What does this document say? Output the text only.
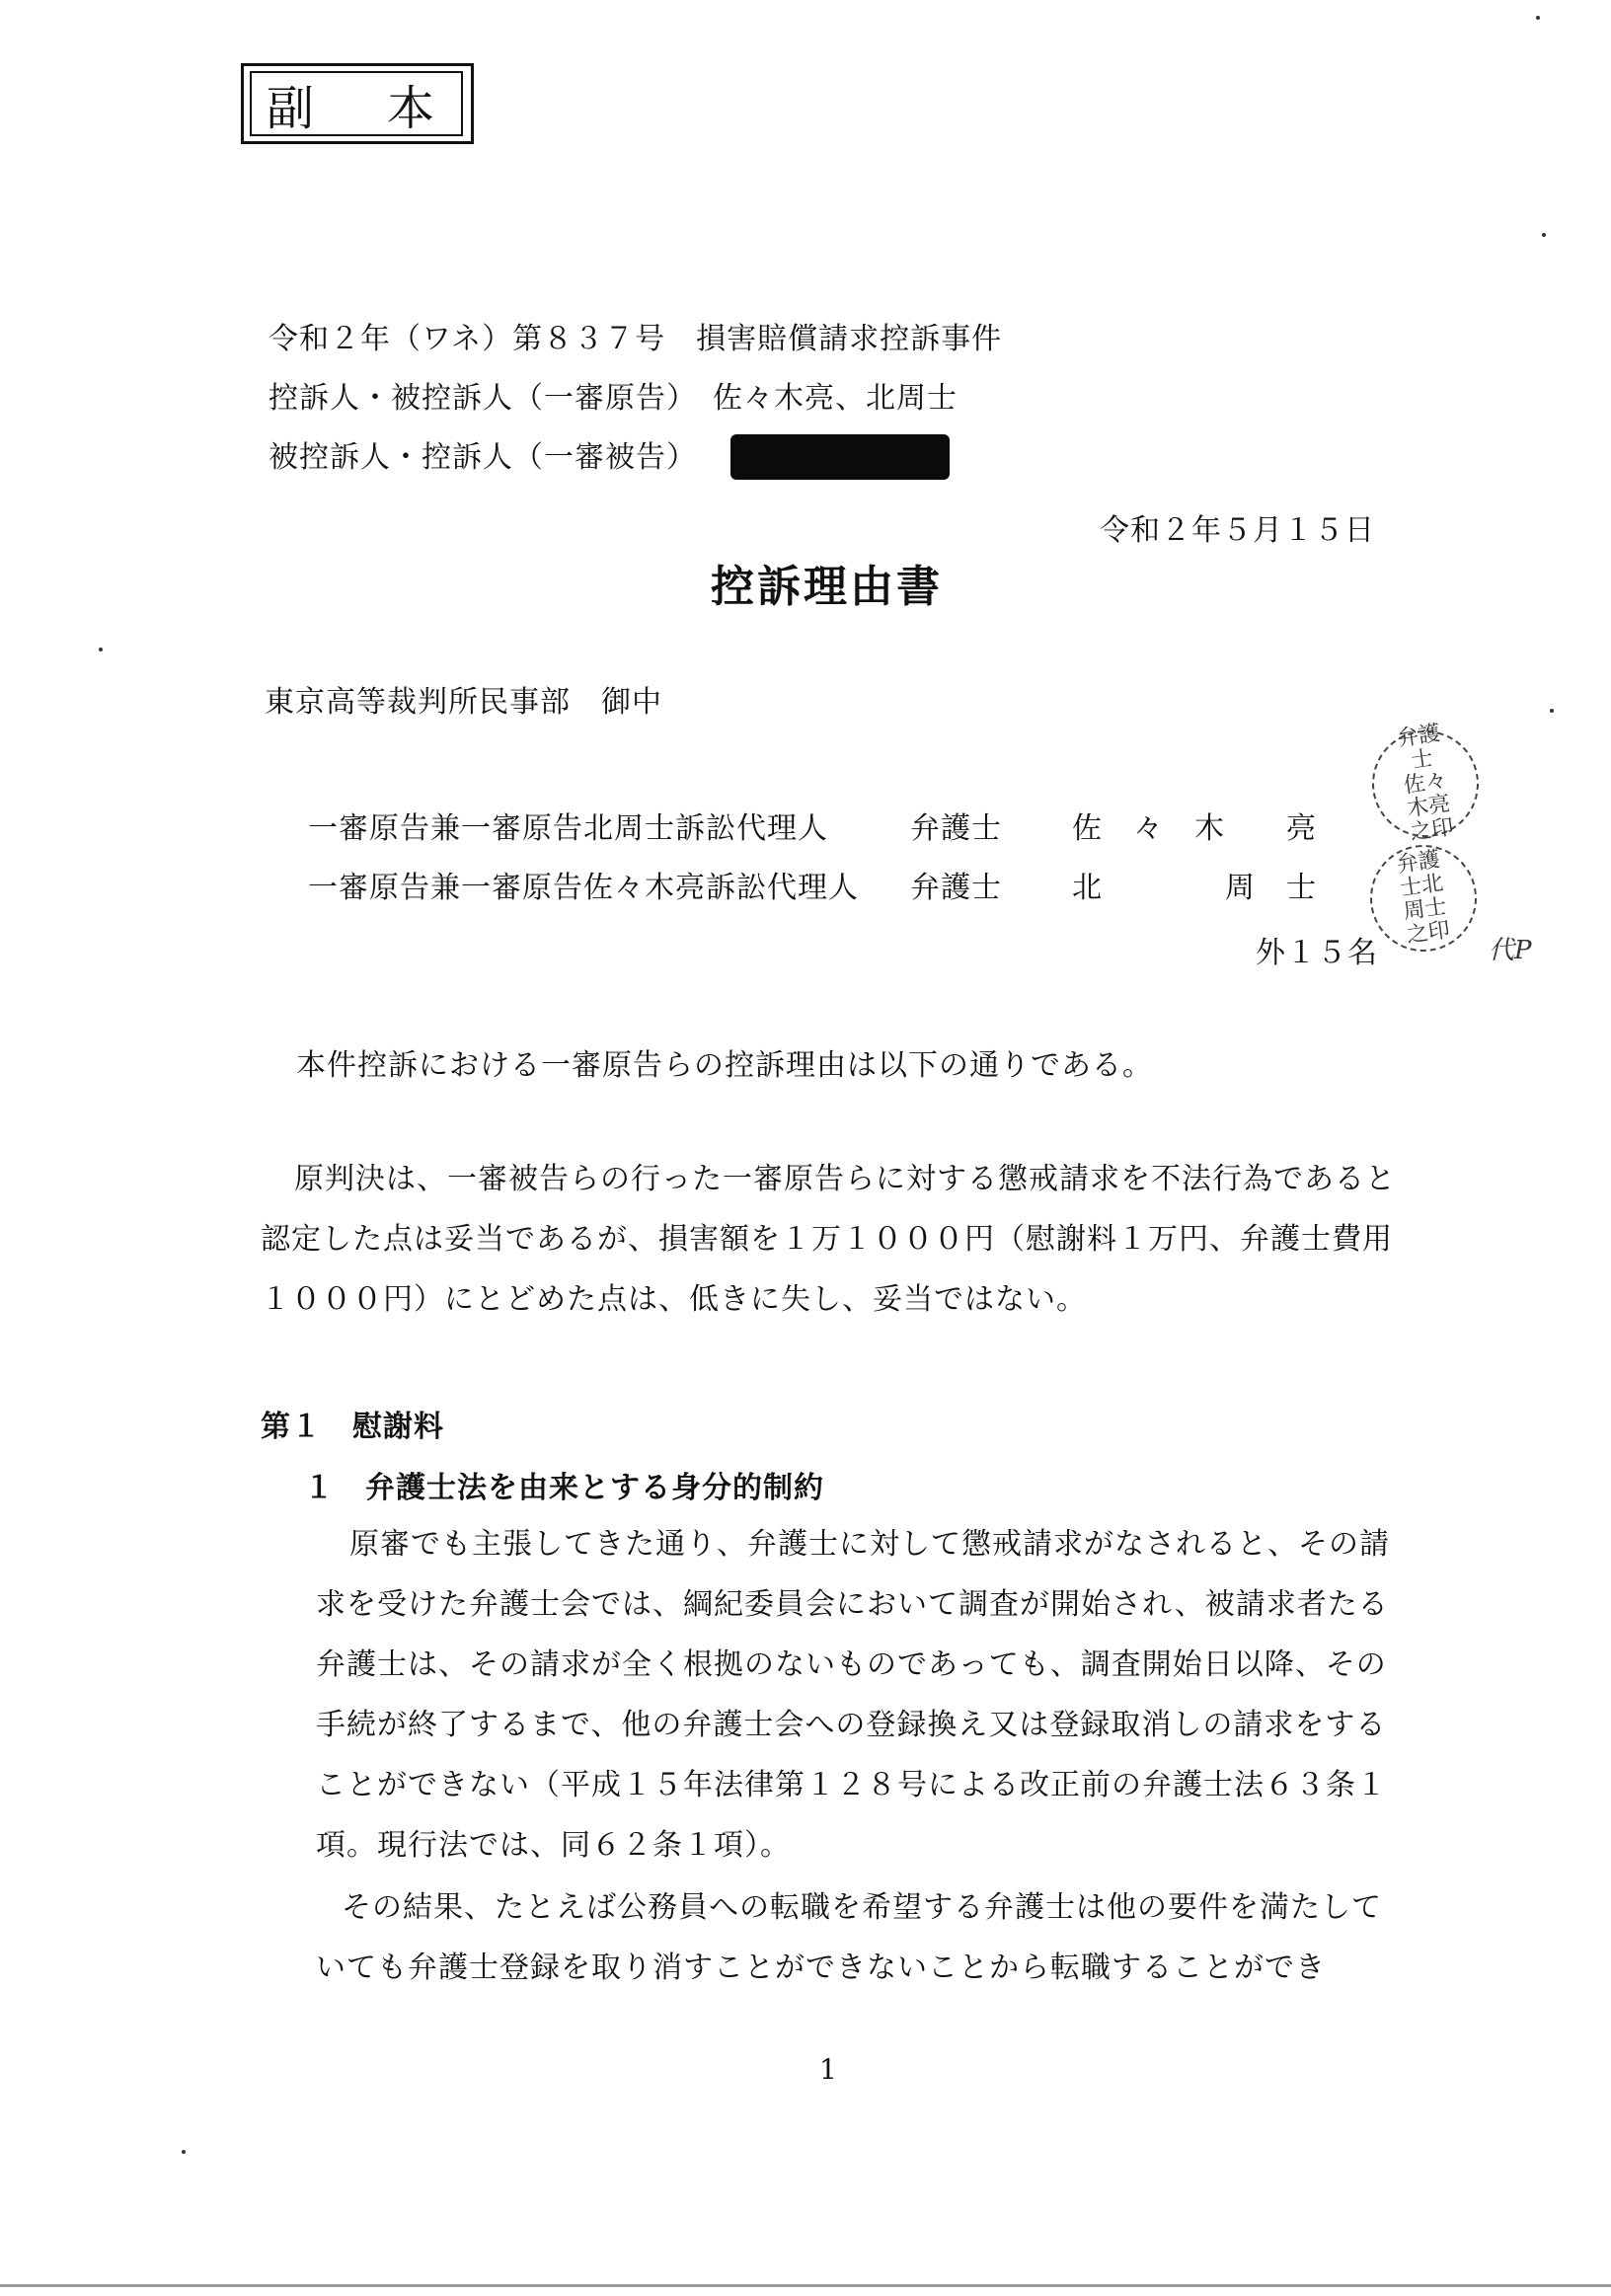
副本
令和２年（ワネ）第８３７号　損害賠償請求控訴事件
控訴人・被控訴人（一審原告）　佐々木亮、北周士
被控訴人・控訴人（一審被告）
令和２年５月１５日
控訴理由書
東京高等裁判所民事部　御中
一審原告兼一審原告北周士訴訟代理人	弁護士 佐　々　木　　亮
一審原告兼一審原告佐々木亮訴訟代理人 弁護士 北　　　　周　士
外１５名
弁護士佐々木亮之印
弁護士北周士之印
代P
本件控訴における一審原告らの控訴理由は以下の通りである。
原判決は、一審被告らの行った一審原告らに対する懲戒請求を不法行為であると認定した点は妥当であるが、損害額を１万１０００円（慰謝料１万円、弁護士費用１０００円）にとどめた点は、低きに失し、妥当ではない。
第１　慰謝料
１　弁護士法を由来とする身分的制約
原審でも主張してきた通り、弁護士に対して懲戒請求がなされると、その請求を受けた弁護士会では、綱紀委員会において調査が開始され、被請求者たる弁護士は、その請求が全く根拠のないものであっても、調査開始日以降、その手続が終了するまで、他の弁護士会への登録換え又は登録取消しの請求をすることができない（平成１５年法律第１２８号による改正前の弁護士法６３条１項。現行法では、同６２条１項）。
その結果、たとえば公務員への転職を希望する弁護士は他の要件を満たしていても弁護士登録を取り消すことができないことから転職することができ
1
